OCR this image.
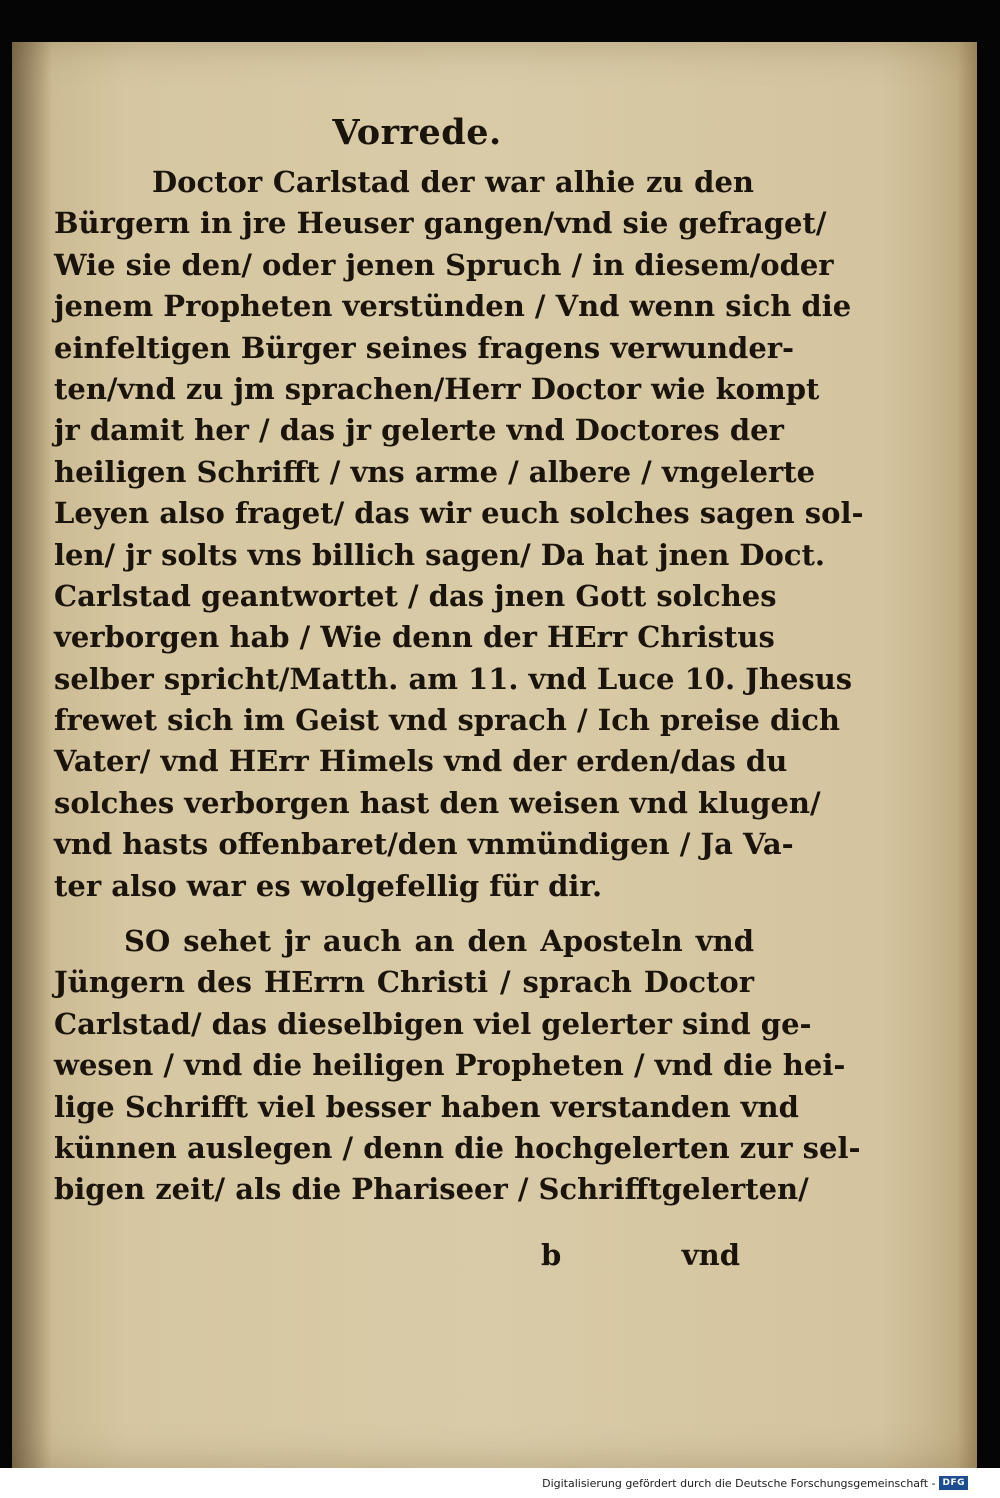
Vorrede.
Doctor Carlstad der war alhie zu den
Bürgern in jre Heuser gangen/vnd sie gefraget/
Wie sie den/ oder jenen Spruch / in diesem/oder
jenem Propheten verstünden / Vnd wenn sich die
einfeltigen Bürger seines fragens verwunder-
ten/vnd zu jm sprachen/Herr Doctor wie kompt
jr damit her / das jr gelerte vnd Doctores der
heiligen Schrifft / vns arme / albere / vngelerte
Leyen also fraget/ das wir euch solches sagen sol-
len/ jr solts vns billich sagen/ Da hat jnen Doct.
Carlstad geantwortet / das jnen Gott solches
verborgen hab / Wie denn der HErr Christus
selber spricht/Matth. am 11. vnd Luce 10. Jhesus
frewet sich im Geist vnd sprach / Ich preise dich
Vater/ vnd HErr Himels vnd der erden/das du
solches verborgen hast den weisen vnd klugen/
vnd hasts offenbaret/den vnmündigen / Ja Va-
ter also war es wolgefellig für dir.
SO sehet jr auch an den Aposteln vnd
Jüngern des HErrn Christi / sprach Doctor
Carlstad/ das dieselbigen viel gelerter sind ge-
wesen / vnd die heiligen Propheten / vnd die hei-
lige Schrifft viel besser haben verstanden vnd
künnen auslegen / denn die hochgelerten zur sel-
bigen zeit/ als die Phariseer / Schrifftgelerten/
b	vnd
Digitalisierung gefördert durch die Deutsche Forschungsgemeinschaft - DFG
